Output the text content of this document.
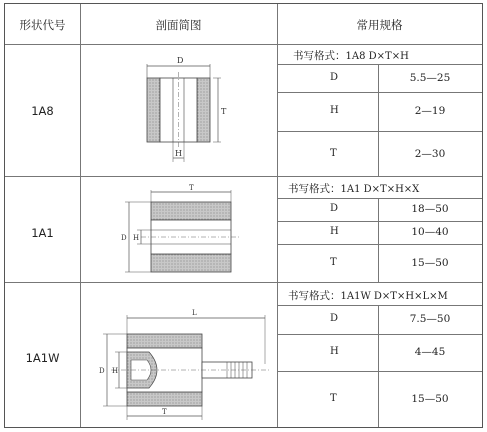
形状代号	剖面简图	常用规格
1A8
书写格式：1A8 D×T×H
D	5.5—25
H	2—19
T	2—30
D
T
H
1A1
书写格式：1A1 D×T×H×X
D	18—50
H	10—40
T	15—50
T
D H
1A1W
书写格式：1A1W D×T×H×L×M
D	7.5—50
H	4—45
T	15—50
L
D H
T
